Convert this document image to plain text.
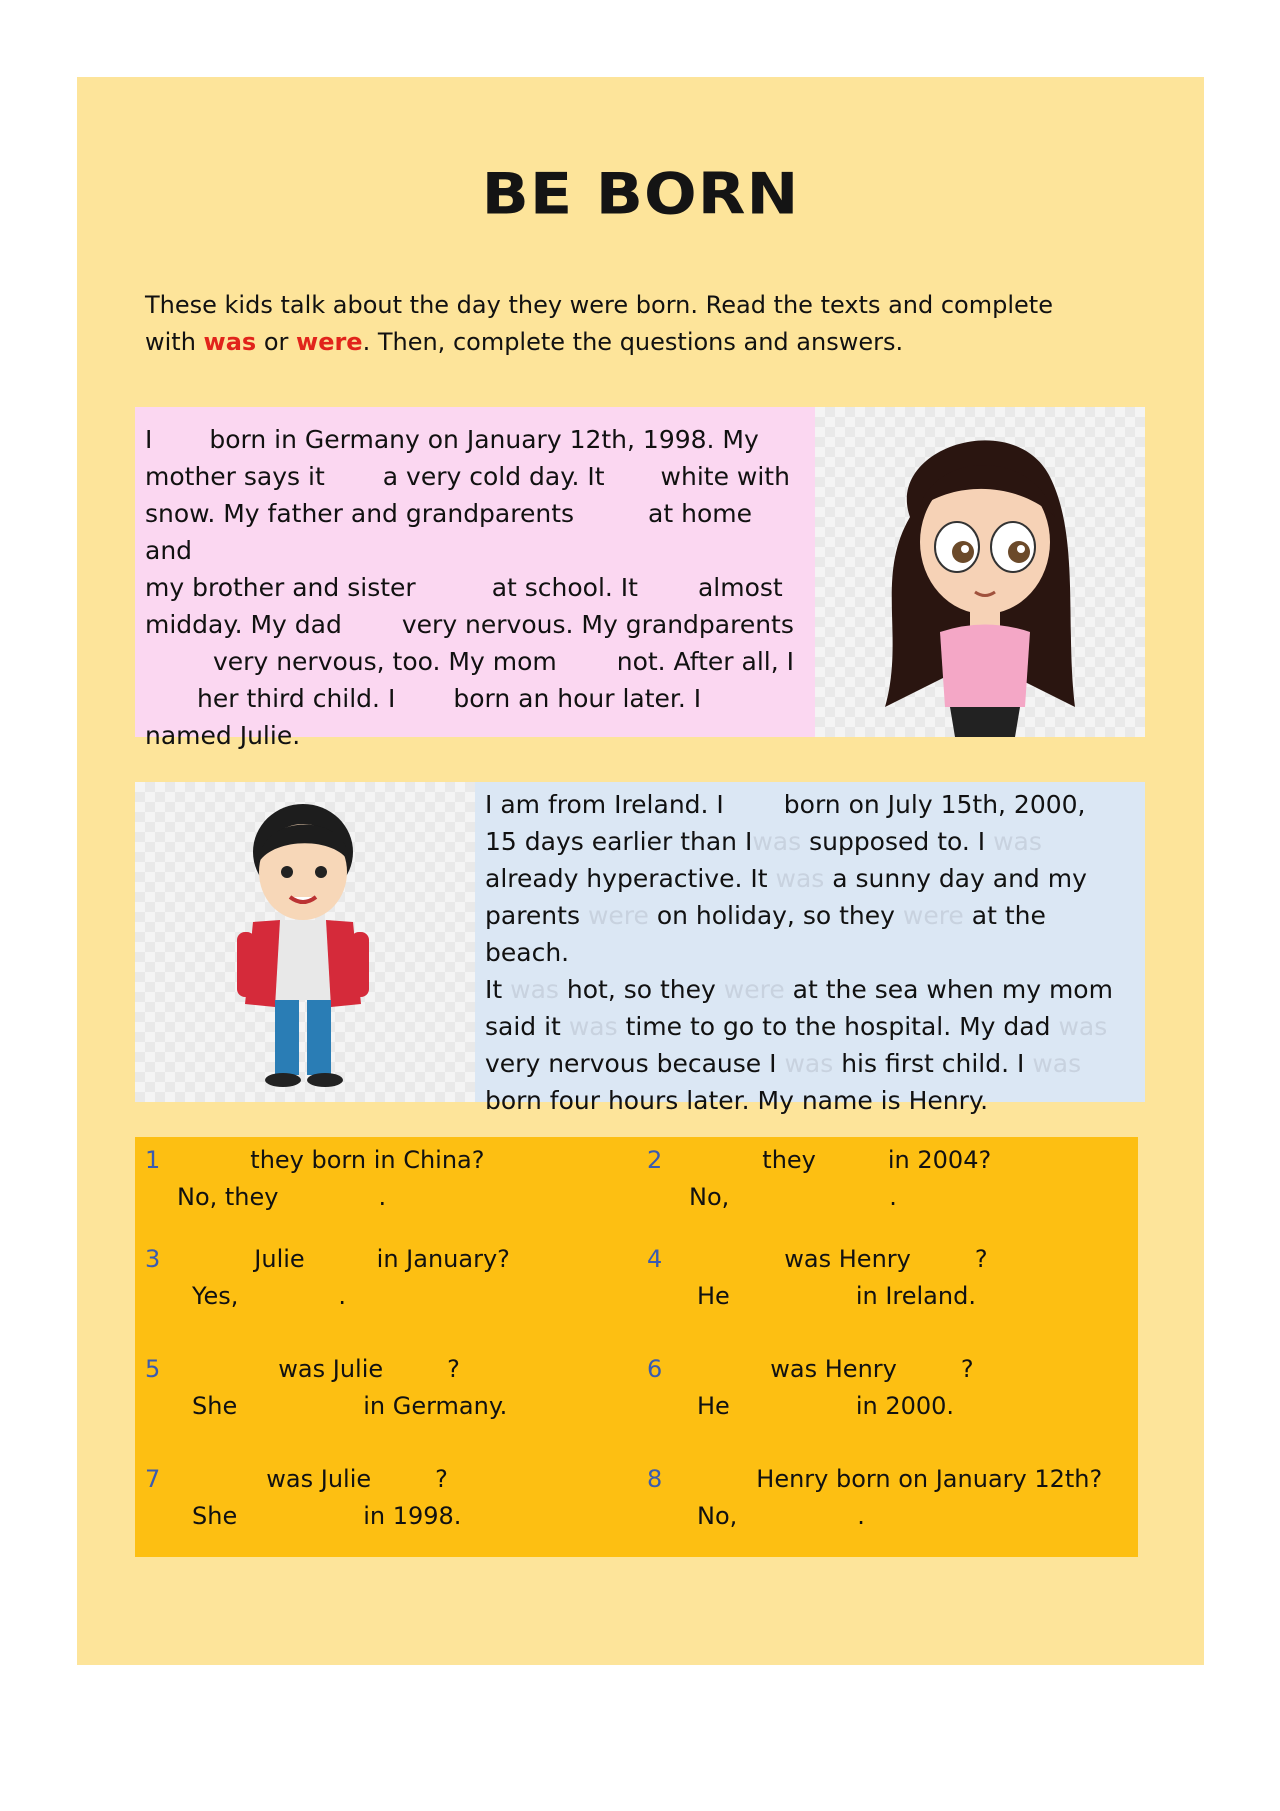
BE BORN
These kids talk about the day they were born. Read the texts and complete
with was or were. Then, complete the questions and answers.
I born in Germany on January 12th, 1998. My
mother says it a very cold day. It white with
snow. My father and grandparents	at home and
my brother and sister	at school. It almost
midday. My dad very nervous. My grandparents
very nervous, too. My mom not. After all, I
her third child. I born an hour later. I
named Julie.
I am from Ireland. I born on July 15th, 2000,
15 days earlier than Iwas supposed to. I was
already hyperactive. It was a sunny day and my
parents were on holiday, so they were at the beach.
It was hot, so they were at the sea when my mom
said it was time to go to the hospital. My dad was
very nervous because I was his first child. I was
born four hours later. My name is Henry.
1	they born in China?
No, they	.
2	they	in 2004?
No,	.
3	Julie	in January?
Yes,	.
4	was Henry	?
He	in Ireland.
5	was Julie	?
She	in Germany.
6	was Henry	?
He	in 2000.
7	was Julie	?
She	in 1998.
8	Henry born on January 12th?
No,	.
